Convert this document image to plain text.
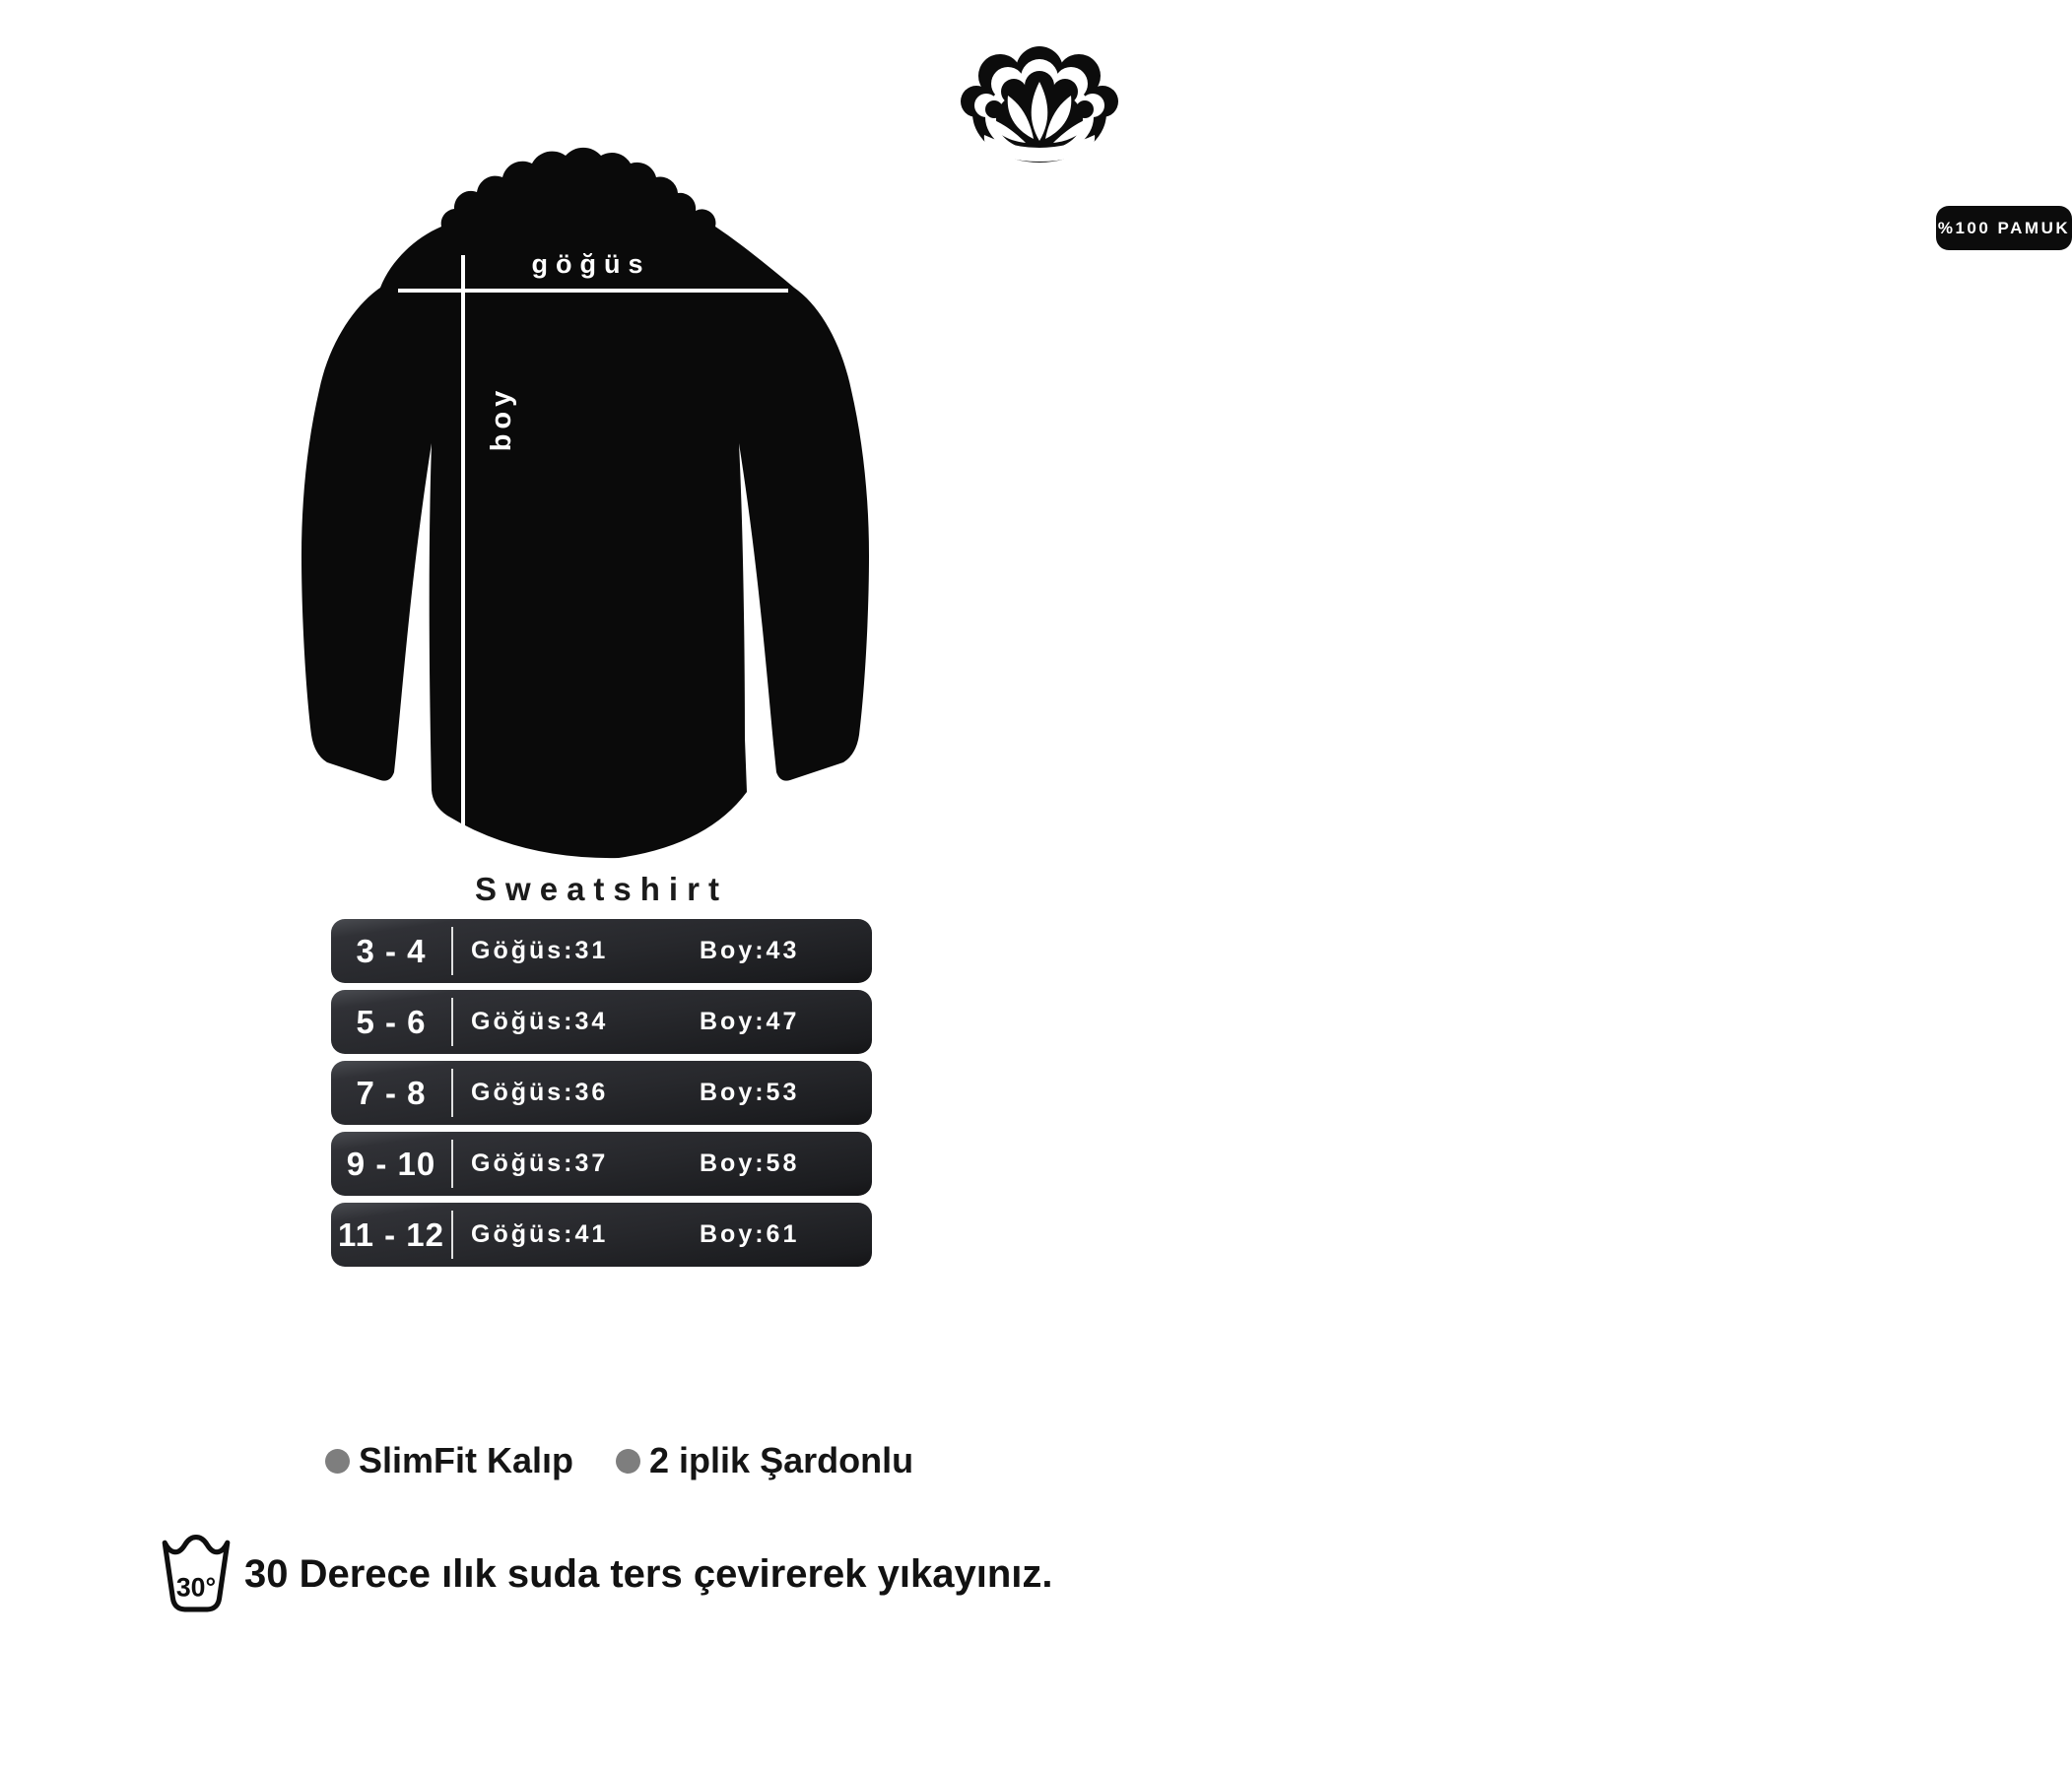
%100 PAMUK
göğüs
boy
Sweatshirt
3 - 4	Göğüs:31	Boy:43
5 - 6	Göğüs:34	Boy:47
7 - 8	Göğüs:36	Boy:53
9 - 10	Göğüs:37	Boy:58
11 - 12 Göğüs:41	Boy:61
SlimFit Kalıp 2 iplik Şardonlu
30° 30 Derece ılık suda ters çevirerek yıkayınız.
